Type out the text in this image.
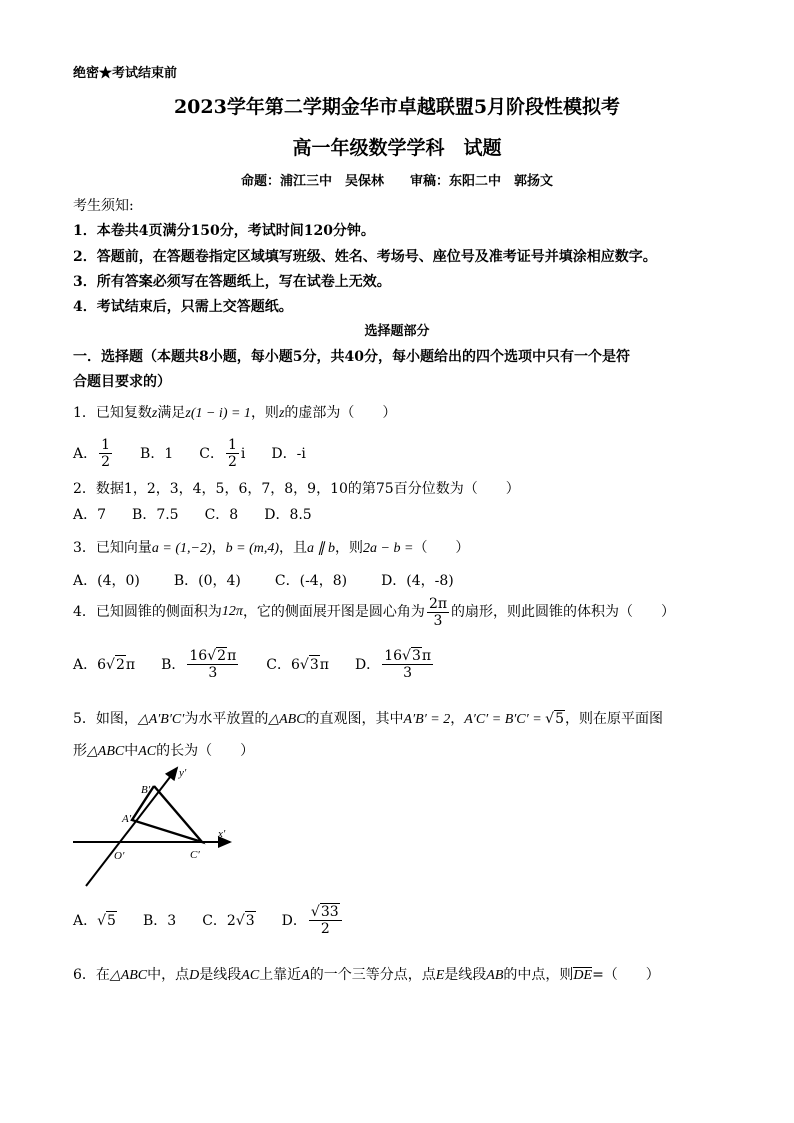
绝密★考试结束前
2023学年第二学期金华市卓越联盟5月阶段性模拟考
高一年级数学学科　试题
命题：浦江三中　吴保林　　审稿：东阳二中　郭扬文
考生须知:
1．本卷共4页满分150分，考试时间120分钟。
2．答题前，在答题卷指定区域填写班级、姓名、考场号、座位号及准考证号并填涂相应数字。
3．所有答案必须写在答题纸上，写在试卷上无效。
4．考试结束后，只需上交答题纸。
选择题部分
一．选择题（本题共8小题，每小题5分，共40分，每小题给出的四个选项中只有一个是符
合题目要求的）
1．已知复数z满足z(1 − i) = 1，则z的虚部为（　　）
A． $\frac{1}{2}$ B． 1 C． $\frac{1}{2}$ i D． -i
2．数据1，2，3，4，5，6，7，8，9，10的第75百分位数为（　　）
A．7 B．7.5 C．8 D．8.5
3．已知向量a = (1,−2)，b = (m,4)，且a ∥ b，则2a − b =（　　）
A．(4，0) B．(0，4) C．(-4，8) D．(4，-8)
4．已知圆锥的侧面积为 12π ，它的侧面展开图是圆心角为 $\frac{2\pi}{3}$ 的扇形，则此圆锥的体积为（　　）
A． 6 √ 2 π B． $\frac{16√2\pi}{3}$ C． 6 √ 3 π D． $\frac{16√3\pi}{3}$
5．如图，△A′B′C′为水平放置的△ABC的直观图，其中A′B′ = 2，A′C′ = B′C′ = √5，则在原平面图
形△ABC中AC的长为（　　）
y′
x′
B′
A′
O′	C′
A． √ 5 B． 3 C． 2 √ 3 D． $\frac{√33}{2}$
6．在△ABC中，点D是线段AC上靠近A的一个三等分点，点E是线段AB的中点，则DE=（　　）
